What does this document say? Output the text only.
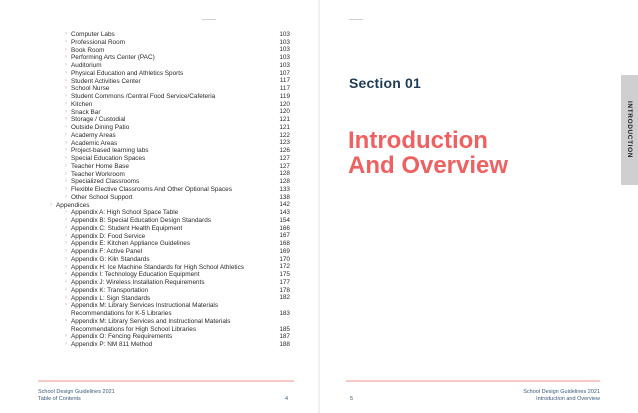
› Computer Labs	103
› Professional Room	103
› Book Room	103
› Performing Arts Center (PAC)	103
› Auditorium	103
› Physical Education and Athletics Sports	107
› Student Activities Center	117
› School Nurse	117
› Student Commons /Central Food Service/Cafeteria	119
› Kitchen	120
› Snack Bar	120
› Storage / Custodial	121
› Outside Dining Patio	121
› Academy Areas	122
› Academic Areas	123
› Project-based learning labs	126
› Special Education Spaces	127
› Teacher Home Base	127
› Teacher Workroom	128
› Specialized Classrooms	128
› Flexible Elective Classrooms And Other Optional Spaces	133
› Other School Support	138
› Appendices	142
› Appendix A: High School Space Table	143
› Appendix B: Special Education Design Standards	154
› Appendix C: Student Health Equipment	166
› Appendix D: Food Service	167
› Appendix E: Kitchen Appliance Guidelines	168
› Appendix F: Active Panel	169
› Appendix G: Kiln Standards	170
› Appendix H: Ice Machine Standards for High School Athletics	172
› Appendix I: Technology Education Equipment	175
› Appendix J: Wireless Installation Requirements	177
› Appendix K: Transportation	178
› Appendix L: Sign Standards	182
› Appendix M: Library Services Instructional Materials Recommendations for K-5 Libraries	183
› Appendix M: Library Services and Instructional Materials Recommendations for High School Libraries	185
› Appendix O: Fencing Requirements	187
› Appendix P: NM 811 Method	188
School Design Guidelines 2021
Table of Contents	4	5
School Design Guidelines 2021
Introduction and Overview
Section 01
Introduction
And Overview
INTRODUCTION
